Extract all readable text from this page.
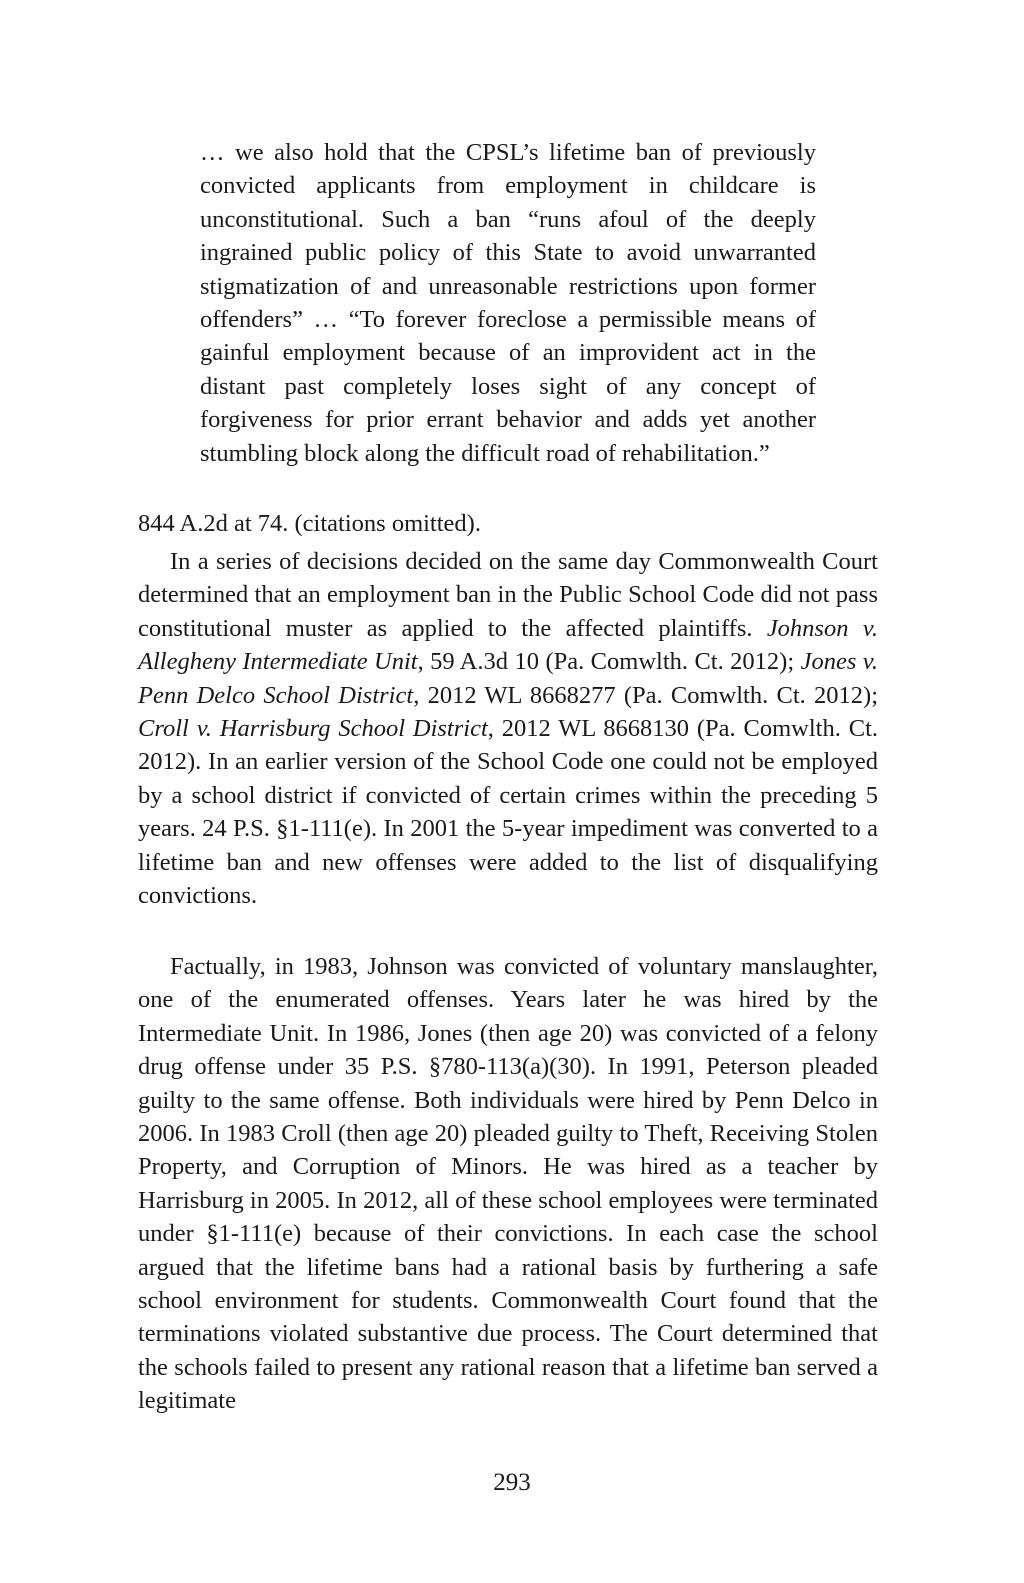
… we also hold that the CPSL’s lifetime ban of previously convicted applicants from employment in childcare is unconstitutional. Such a ban “runs afoul of the deeply ingrained public policy of this State to avoid unwarranted stigmatization of and unreasonable restrictions upon former offenders” … “To forever foreclose a permissible means of gainful employment because of an improvident act in the distant past completely loses sight of any concept of forgiveness for prior errant behavior and adds yet another stumbling block along the difficult road of rehabilitation.”

844 A.2d at 74. (citations omitted).

In a series of decisions decided on the same day Commonwealth Court determined that an employment ban in the Public School Code did not pass constitutional muster as applied to the affected plaintiffs. Johnson v. Allegheny Intermediate Unit, 59 A.3d 10 (Pa. Comwlth. Ct. 2012); Jones v. Penn Delco School District, 2012 WL 8668277 (Pa. Comwlth. Ct. 2012); Croll v. Harrisburg School District, 2012 WL 8668130 (Pa. Comwlth. Ct. 2012). In an earlier version of the School Code one could not be employed by a school district if convicted of certain crimes within the preceding 5 years. 24 P.S. §1-111(e). In 2001 the 5-year impediment was converted to a lifetime ban and new offenses were added to the list of disqualifying convictions.

Factually, in 1983, Johnson was convicted of voluntary manslaughter, one of the enumerated offenses. Years later he was hired by the Intermediate Unit. In 1986, Jones (then age 20) was convicted of a felony drug offense under 35 P.S. §780-113(a)(30). In 1991, Peterson pleaded guilty to the same offense. Both individuals were hired by Penn Delco in 2006. In 1983 Croll (then age 20) pleaded guilty to Theft, Receiving Stolen Property, and Corruption of Minors. He was hired as a teacher by Harrisburg in 2005. In 2012, all of these school employees were terminated under §1-111(e) because of their convictions. In each case the school argued that the lifetime bans had a rational basis by furthering a safe school environment for students. Commonwealth Court found that the terminations violated substantive due process. The Court determined that the schools failed to present any rational reason that a lifetime ban served a legitimate

293
